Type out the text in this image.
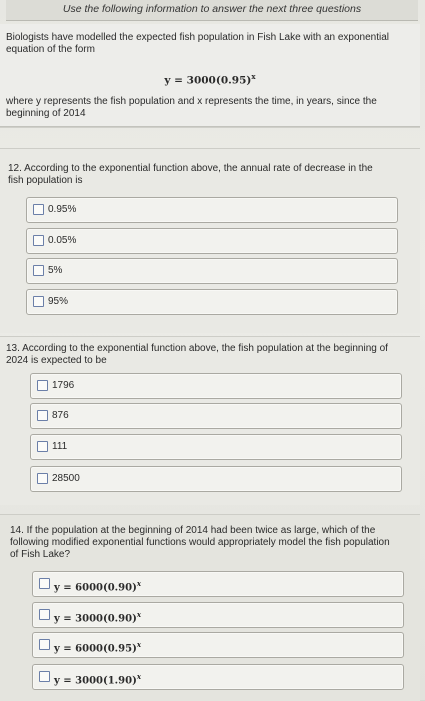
Use the following information to answer the next three questions
Biologists have modelled the expected fish population in Fish Lake with an exponential equation of the form
$y = 3000(0.95)^x$
where y represents the fish population and x represents the time, in years, since the beginning of 2014
12. According to the exponential function above, the annual rate of decrease in the fish population is
0.95%
0.05%
5%
95%
13. According to the exponential function above, the fish population at the beginning of 2024 is expected to be
1796
876
111
28500
14. If the population at the beginning of 2014 had been twice as large, which of the following modified exponential functions would appropriately model the fish population of Fish Lake?
$y = 6000(0.90)^x$
$y = 3000(0.90)^x$
$y = 6000(0.95)^x$
$y = 3000(1.90)^x$
